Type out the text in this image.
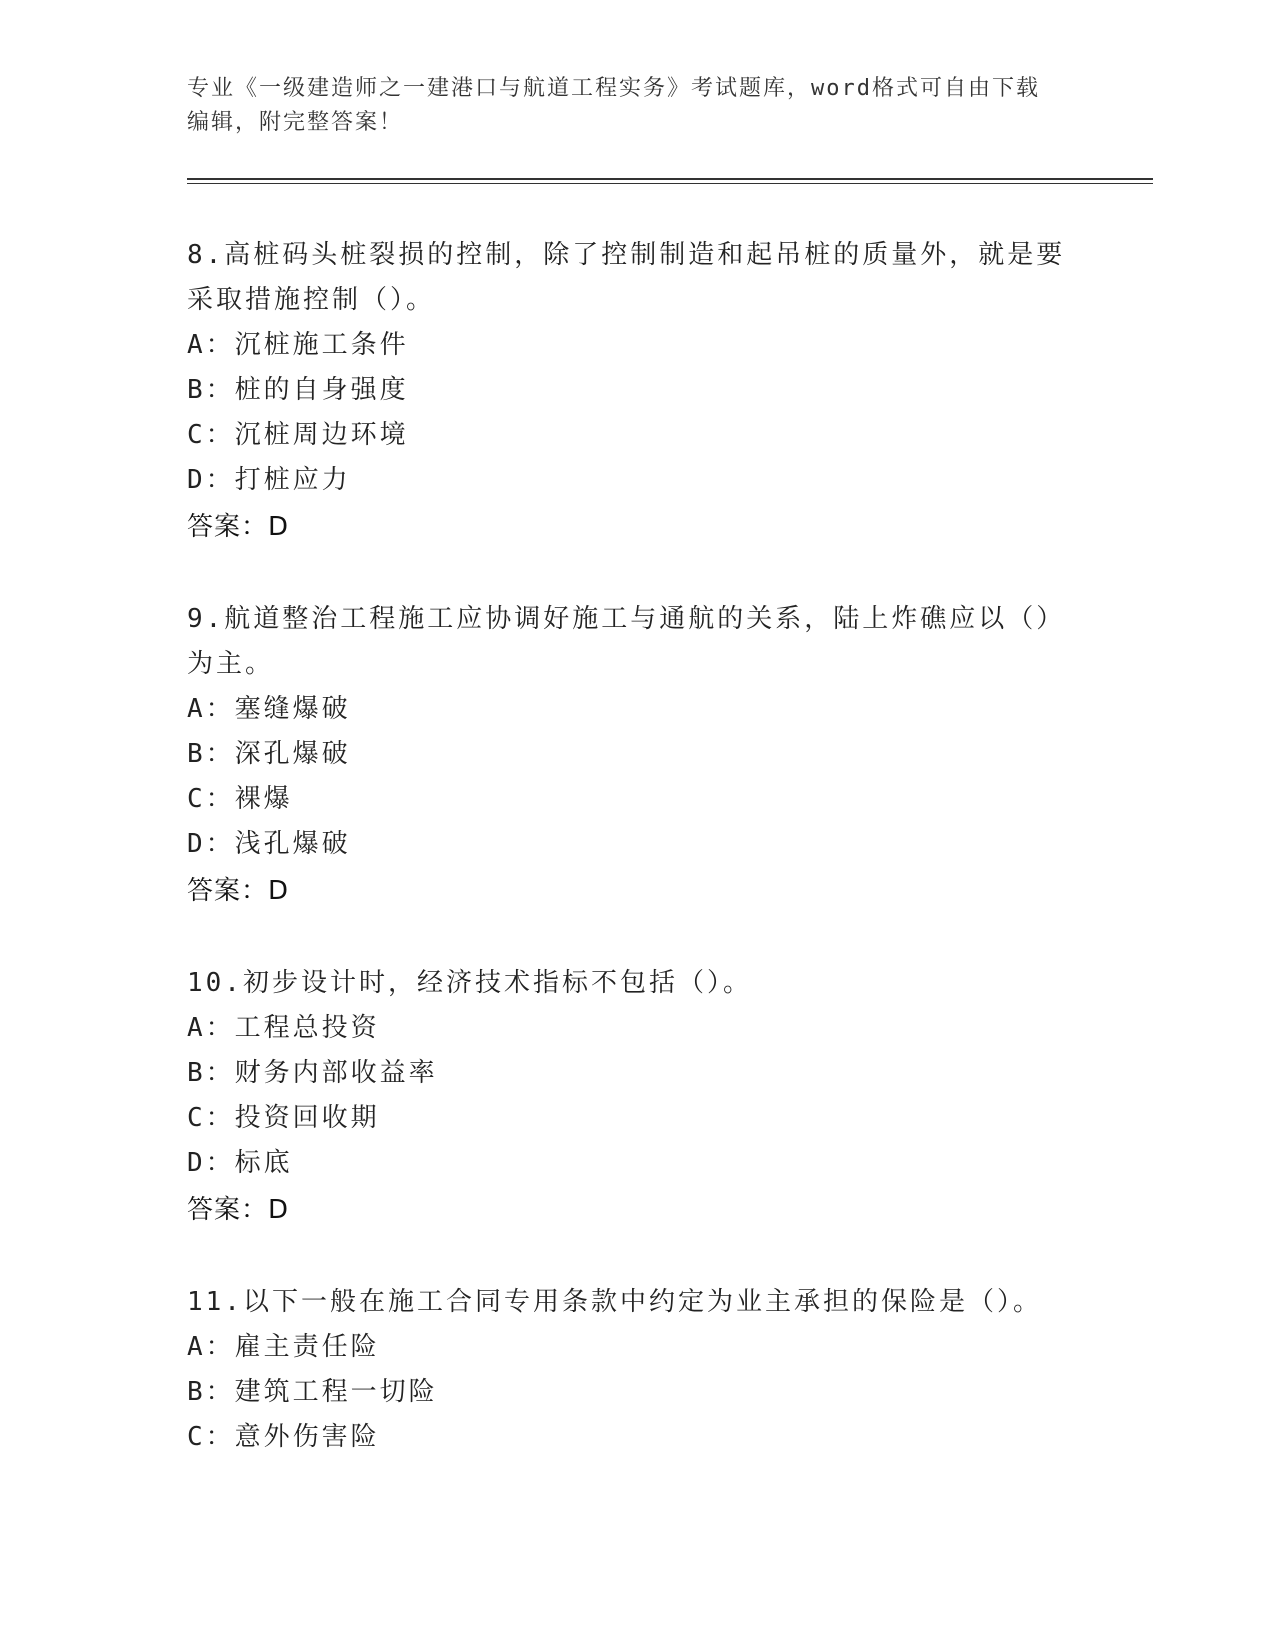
专业《一级建造师之一建港口与航道工程实务》考试题库，word格式可自由下载
编辑，附完整答案！

8.高桩码头桩裂损的控制，除了控制制造和起吊桩的质量外，就是要
采取措施控制（）。

A：沉桩施工条件

B：桩的自身强度

C：沉桩周边环境

D：打桩应力

答案：D

9.航道整治工程施工应协调好施工与通航的关系，陆上炸礁应以（）
为主。

A：塞缝爆破

B：深孔爆破

C：裸爆

D：浅孔爆破

答案：D

10.初步设计时，经济技术指标不包括（）。

A：工程总投资

B：财务内部收益率

C：投资回收期

D：标底

答案：D

11.以下一般在施工合同专用条款中约定为业主承担的保险是（）。

A：雇主责任险

B：建筑工程一切险

C：意外伤害险
